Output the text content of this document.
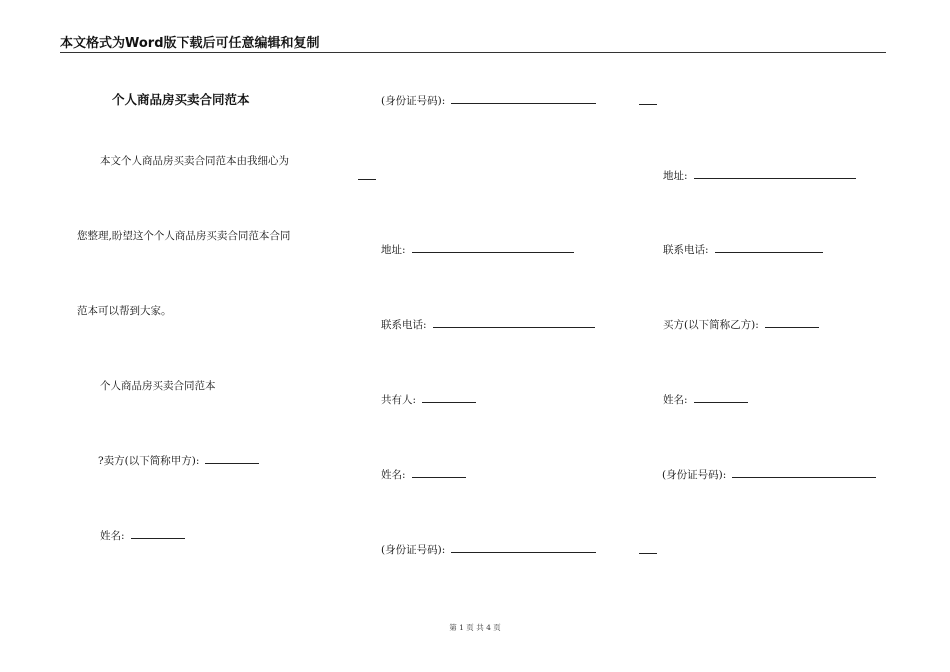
本文格式为Word版下载后可任意编辑和复制
个人商品房买卖合同范本
本文个人商品房买卖合同范本由我细心为
您整理,盼望这个个人商品房买卖合同范本合同
范本可以帮到大家。
个人商品房买卖合同范本
?卖方(以下简称甲方):
姓名:
(身份证号码):
地址:
联系电话:
共有人:
姓名:
(身份证号码):
地址:
联系电话:
买方(以下简称乙方):
姓名:
(身份证号码):
第 1 页 共 4 页
